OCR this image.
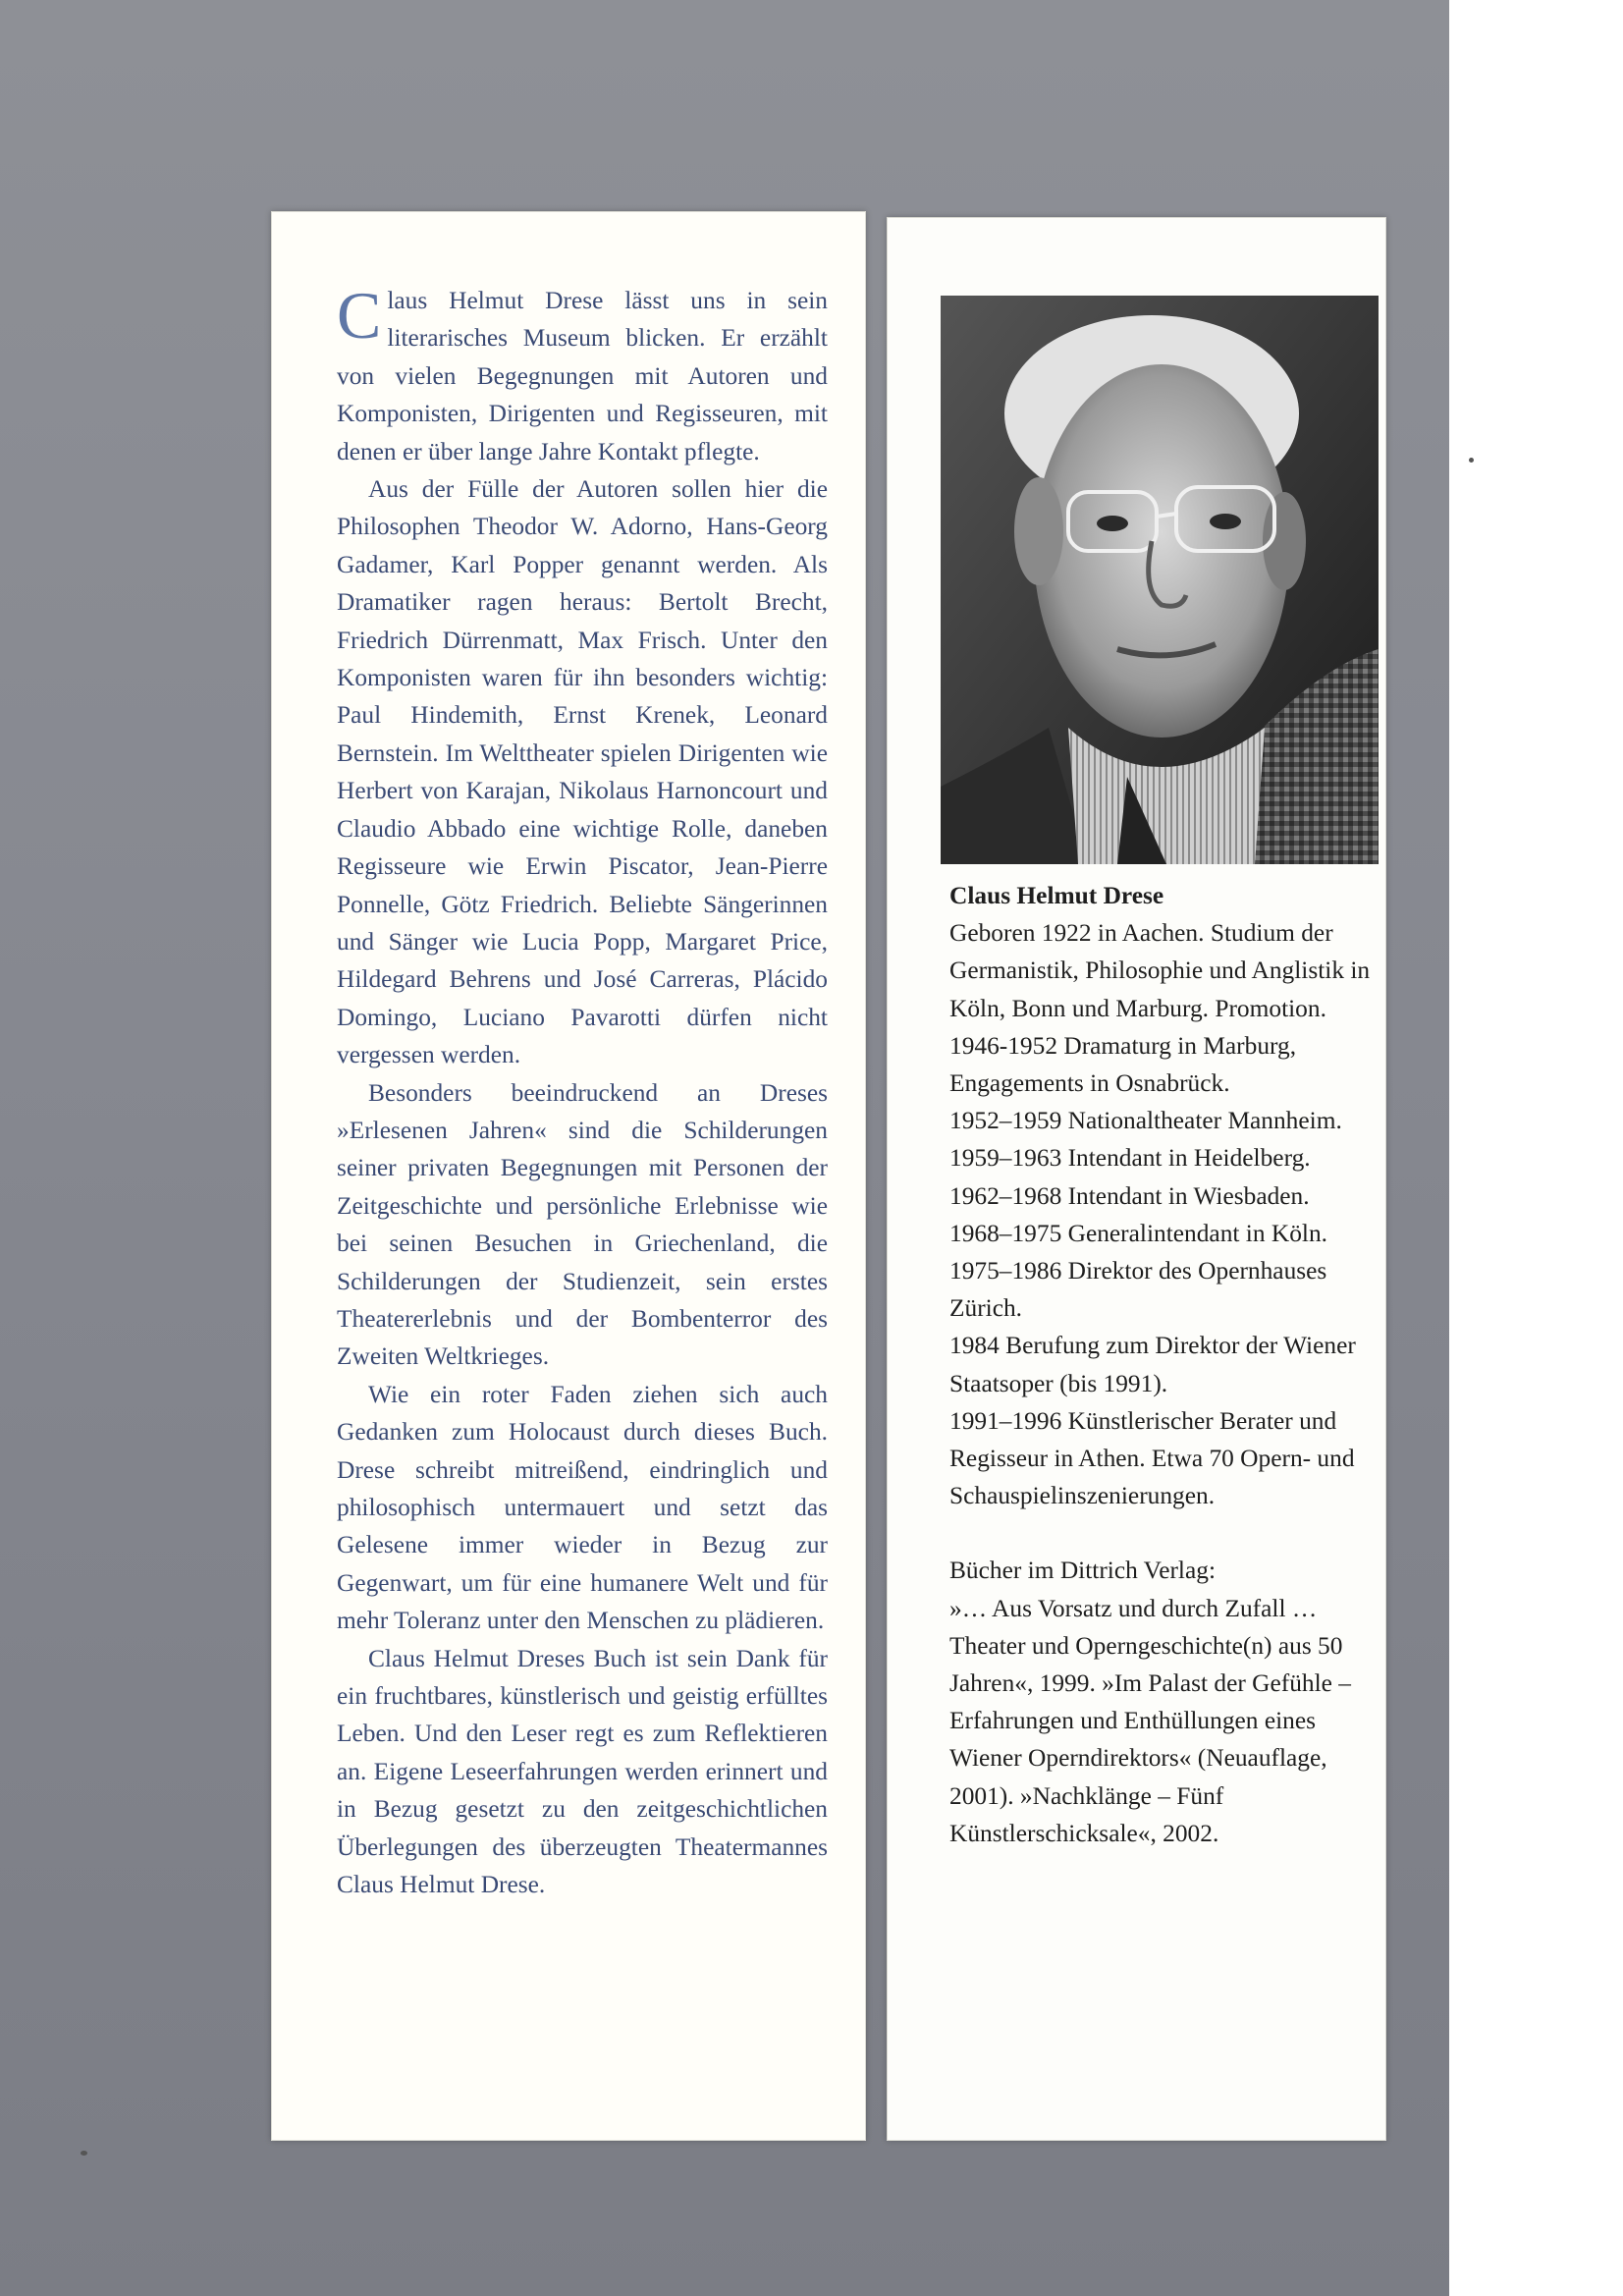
Claus Helmut Drese lässt uns in sein literarisches Museum blicken. Er erzählt von vielen Begegnungen mit Autoren und Komponisten, Dirigenten und Regisseuren, mit denen er über lange Jahre Kontakt pflegte.

Aus der Fülle der Autoren sollen hier die Philosophen Theodor W. Adorno, Hans-Georg Gadamer, Karl Popper genannt werden. Als Dramatiker ragen heraus: Bertolt Brecht, Friedrich Dürrenmatt, Max Frisch. Unter den Komponisten waren für ihn besonders wichtig: Paul Hindemith, Ernst Krenek, Leonard Bernstein. Im Welttheater spielen Dirigenten wie Herbert von Karajan, Nikolaus Harnoncourt und Claudio Abbado eine wichtige Rolle, daneben Regisseure wie Erwin Piscator, Jean-Pierre Ponnelle, Götz Friedrich. Beliebte Sängerinnen und Sänger wie Lucia Popp, Margaret Price, Hildegard Behrens und José Carreras, Plácido Domingo, Luciano Pavarotti dürfen nicht vergessen werden.

Besonders beeindruckend an Dreses »Erlesenen Jahren« sind die Schilderungen seiner privaten Begegnungen mit Personen der Zeitgeschichte und persönliche Erlebnisse wie bei seinen Besuchen in Griechenland, die Schilderungen der Studienzeit, sein erstes Theatererlebnis und der Bombenterror des Zweiten Weltkrieges.

Wie ein roter Faden ziehen sich auch Gedanken zum Holocaust durch dieses Buch. Drese schreibt mitreißend, eindringlich und philosophisch untermauert und setzt das Gelesene immer wieder in Bezug zur Gegenwart, um für eine humanere Welt und für mehr Toleranz unter den Menschen zu plädieren.

Claus Helmut Dreses Buch ist sein Dank für ein fruchtbares, künstlerisch und geistig erfülltes Leben. Und den Leser regt es zum Reflektieren an. Eigene Leseerfahrungen werden erinnert und in Bezug gesetzt zu den zeitgeschichtlichen Überlegungen des überzeugten Theatermannes Claus Helmut Drese.

Claus Helmut Drese

Geboren 1922 in Aachen. Studium der Germanistik, Philosophie und Anglistik in Köln, Bonn und Marburg. Promotion.

1946-1952 Dramaturg in Marburg, Engagements in Osnabrück.

1952–1959 Nationaltheater Mannheim.

1959–1963 Intendant in Heidelberg.

1962–1968 Intendant in Wiesbaden.

1968–1975 Generalintendant in Köln.

1975–1986 Direktor des Opernhauses Zürich.

1984 Berufung zum Direktor der Wiener Staatsoper (bis 1991).

1991–1996 Künstlerischer Berater und Regisseur in Athen. Etwa 70 Opern- und Schauspielinszenierungen.

Bücher im Dittrich Verlag:

»… Aus Vorsatz und durch Zufall … Theater und Operngeschichte(n) aus 50 Jahren«, 1999. »Im Palast der Gefühle – Erfahrungen und Enthüllungen eines Wiener Operndirektors« (Neuauflage, 2001). »Nachklänge – Fünf Künstlerschicksale«, 2002.
